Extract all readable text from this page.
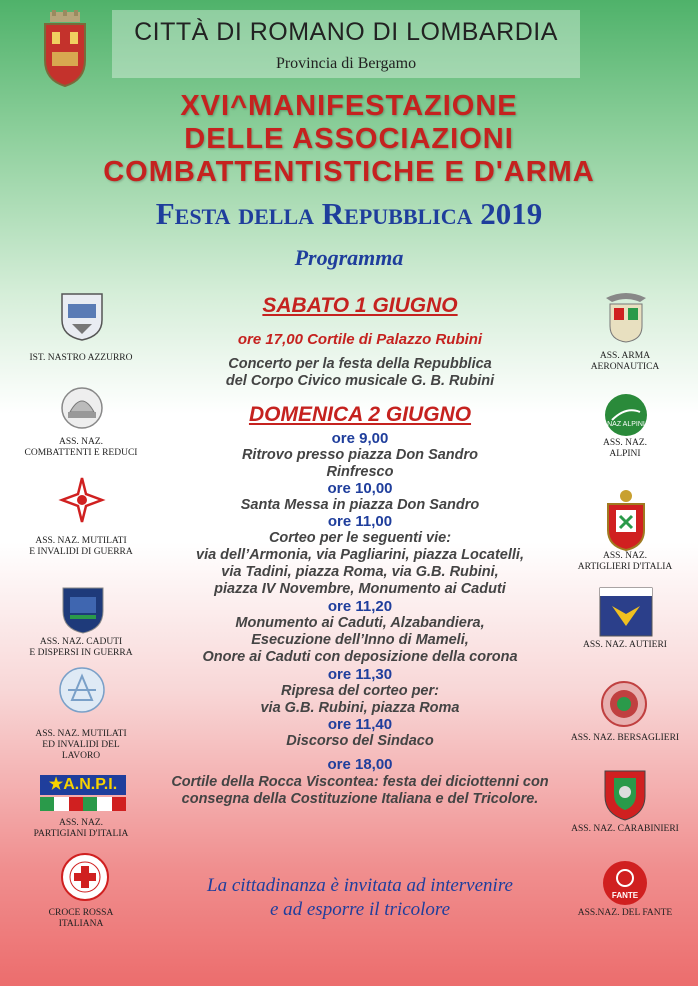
CITTÀ DI ROMANO DI LOMBARDIA
Provincia di Bergamo
XVI^MANIFESTAZIONE
DELLE ASSOCIAZIONI
COMBATTENTISTICHE E D'ARMA
Festa della Repubblica 2019
Programma
SABATO 1 GIUGNO
ore 17,00 Cortile di Palazzo Rubini
Concerto per la festa della Repubblica
del Corpo Civico musicale G. B. Rubini
DOMENICA 2 GIUGNO
ore 9,00
Ritrovo presso piazza Don Sandro
Rinfresco
ore 10,00
Santa Messa in piazza Don Sandro
ore 11,00
Corteo per le seguenti vie:
via dell’Armonia, via Pagliarini, piazza Locatelli,
via Tadini, piazza Roma, via G.B. Rubini,
piazza IV Novembre, Monumento ai Caduti
ore 11,20
Monumento ai Caduti, Alzabandiera,
Esecuzione dell’Inno di Mameli,
Onore ai Caduti con deposizione della corona
ore 11,30
Ripresa del corteo per:
via G.B. Rubini, piazza Roma
ore 11,40
Discorso del Sindaco
ore 18,00
Cortile della Rocca Viscontea: festa dei diciottenni con
consegna della Costituzione Italiana e del Tricolore.
IST. NASTRO AZZURRO
ASS. NAZ.
COMBATTENTI E REDUCI
ASS. NAZ. MUTILATI
E INVALIDI DI GUERRA
ASS. NAZ. CADUTI
E DISPERSI IN GUERRA
ASS. NAZ. MUTILATI
ED INVALIDI DEL
LAVORO
★A.N.P.I.
ASS. NAZ.
PARTIGIANI D'ITALIA
CROCE ROSSA
ITALIANA
ASS. ARMA
AERONAUTICA
NAZ ALPINI
ASS. NAZ.
ALPINI
ASS. NAZ.
ARTIGLIERI D'ITALIA
ASS. NAZ. AUTIERI
ASS. NAZ. BERSAGLIERI
ASS. NAZ. CARABINIERI
FANTE
ASS.NAZ. DEL FANTE
La cittadinanza è invitata ad intervenire
e ad esporre il tricolore
